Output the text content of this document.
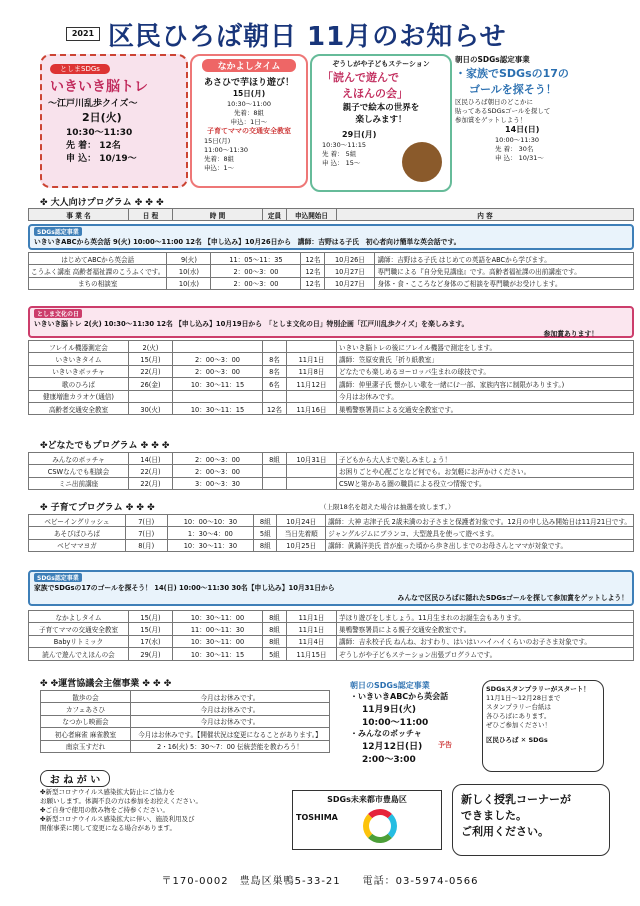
2021 区民ひろば朝日 11月のお知らせ
としまSDGs
いきいき脳トレ
〜江戸川乱歩クイズ〜
2日(火)
10:30〜11:30
先 着： 12名
申 込： 10/19〜
なかよしタイム
あさひで芋ほり遊び！
15日(月)
10:30〜11:00
先着：8組
申込：1日〜
子育てママの交通安全教室
15日(月)
11:00〜11:30
先着：8組
申込：1〜
ぞうしがや子どもステーション
「読んで遊んで
えほんの会」
親子で絵本の世界を
楽しみます！
29日(月)
10:30〜11:15
先 着： 5組
申 込： 15〜
朝日のSDGs認定事業
・家族でSDGsの17の
ゴールを探そう！
区民ひろば朝日のどこかに
貼ってあるSDGsゴールを探して
参加賞をゲットしよう！
14日(日)
10:00〜11:30
先 着： 30名
申 込： 10/31〜
✤ 大人向けプログラム ✤ ✤ ✤
事 業 名	日 程	時 間	定員	申込開始日	内 容
SDGs認定事業
いきいきABCから英会話 9(火) 10:00〜11:00 12名 【申し込み】10月26日から　講師：吉野はる子氏　初心者向け簡単な英会話です。
はじめてABCから英会話	9(火)	11：05〜11：35	12名	10月26日	講師：吉野はる子氏 はじめての英語をABCから学びます。
こうふく講座 高齢者福祉課のこうふくです。	10(水)	2：00〜3：00	12名	10月27日	専門職による『自分免見講座』です。高齢者福祉課の出前講座です。
まちの相談室	10(水)	2：00〜3：00	12名	10月27日	身体・食・こころなど身体のご相談を専門職がお受けします。
としま文化の日
いきいき脳トレ 2(火) 10:30〜11:30 12名 【申し込み】10月19日から　「としま文化の日」特別企画「江戸川乱歩クイズ」を楽しみます。
参加賞あります！
フレイル機器測定会	2(火)				いきいき脳トレの後にフレイル機器で測定をします。
いきいきタイム	15(月)	2：00〜3：00	8名	11月1日	講師：笠原安貴氏「折り紙教室」
いきいきボッチャ	22(月)	2：00〜3：00	8名	11月8日	どなたでも楽しめるヨーロッパ生まれの球技です。
歌のひろば	26(金)	10：30〜11：15	6名	11月12日	講師：仲里潔子氏 懐かしい歌を一緒に(♪一部、家族内容に制限があります。)
健康増進カラオケ(通信)					今月はお休みです。
高齢者交通安全教室	30(火)	10：30〜11：15	12名	11月16日	巣鴨警察署員による交通安全教室です。
✤どなたでもプログラム ✤ ✤ ✤
みんなのボッチャ	14(日)	2：00〜3：00	8組	10月31日	子どもから大人まで楽しみましょう！
CSWなんでも相談会	22(月)	2：00〜3：00			お困りごとや心配ごとなど何でも。お気軽にお声かけください。
ミニ出前講座	22(月)	3：00〜3：30			CSWと第かある圏の職員による役立つ情報です。
✤ 子育てプログラム ✤ ✤ ✤	（上限18名を超えた場合は抽選を致します。）
ベビーイングリッシュ	7(日)	10：00〜10：30	8組	10月24日	講師：大神 志津子氏 2歳未満のお子さまと保護者対象です。12月の申し込み開始日は11月21日です。
あそびばひろば	7(日)	1：30〜4：00	5組	当日先着順	ジャングルジムにブランコ、大型遊具を使って遊べます。
ベビママヨガ	8(月)	10：30〜11：30	8組	10月25日	講師：眞鍋洋美氏 首が座った頃から歩き出しまでのお母さんとママが対象です。
SDGs認定事業
家族でSDGsの17のゴールを探そう！ 14(日) 10:00〜11:30 30名【申し込み】10月31日から
みんなで区民ひろばに隠れたSDGsゴールを探して参加賞をゲットしよう！
なかよしタイム	15(月)	10：30〜11：00	8組	11月1日	芋ほり遊びをしましょう。11月生まれのお誕生会もあります。
子育てママの交通安全教室	15(月)	11：00〜11：30	8組	11月1日	巣鴨警察署員による親子交通安全教室です。
Babyリトミック	17(水)	10：30〜11：00	8組	11月4日	講師：吉永校子氏 ねんね、おすわり、はいはいハイハイくらいのお子さま対象です。
読んで遊んでえほんの会	29(月)	10：30〜11：15	5組	11月15日	ぞうしがや子どもステーション出張プログラムです。
✤ ✤運営協議会主催事業 ✤ ✤ ✤
散歩の会	今月はお休みです。
カフェあさひ	今月はお休みです。
なつかし映画会	今月はお休みです。
初心者麻雀 麻雀教室	今月はお休みです。【開催状況は変更になることがあります。】
南京玉すだれ	2・16(火) 5：30〜7：00 伝統芸能を教わろう！
朝日のSDGs認定事業
・いきいきABCから英会話
11月9日(火)
10:00〜11:00
・みんなのボッチャ
12月12日(日)
2:00〜3:00
予告
SDGsスタンプラリーがスタート！
11月1日〜12月28日まで
スタンプラリー台紙は
各ひろばにあります。
ぜひご参加ください！
区民ひろば ✕ SDGs
お ね が い
✤新型コロナウイルス感染拡大防止にご協力を
お願いします。体調不良の方は参加をお控えください。
✤ご自身で使用の飲み物をご持参ください。
✤新型コロナウイルス感染拡大に伴い、施設利用及び
開催事業に関して変更になる場合があります。
SDGs未来都市豊島区
TOSHIMA
新しく授乳コーナーが
できました。
ご利用ください。
〒170-0002　豊島区巣鴨5-33-21　　電話：03-5974-0566
